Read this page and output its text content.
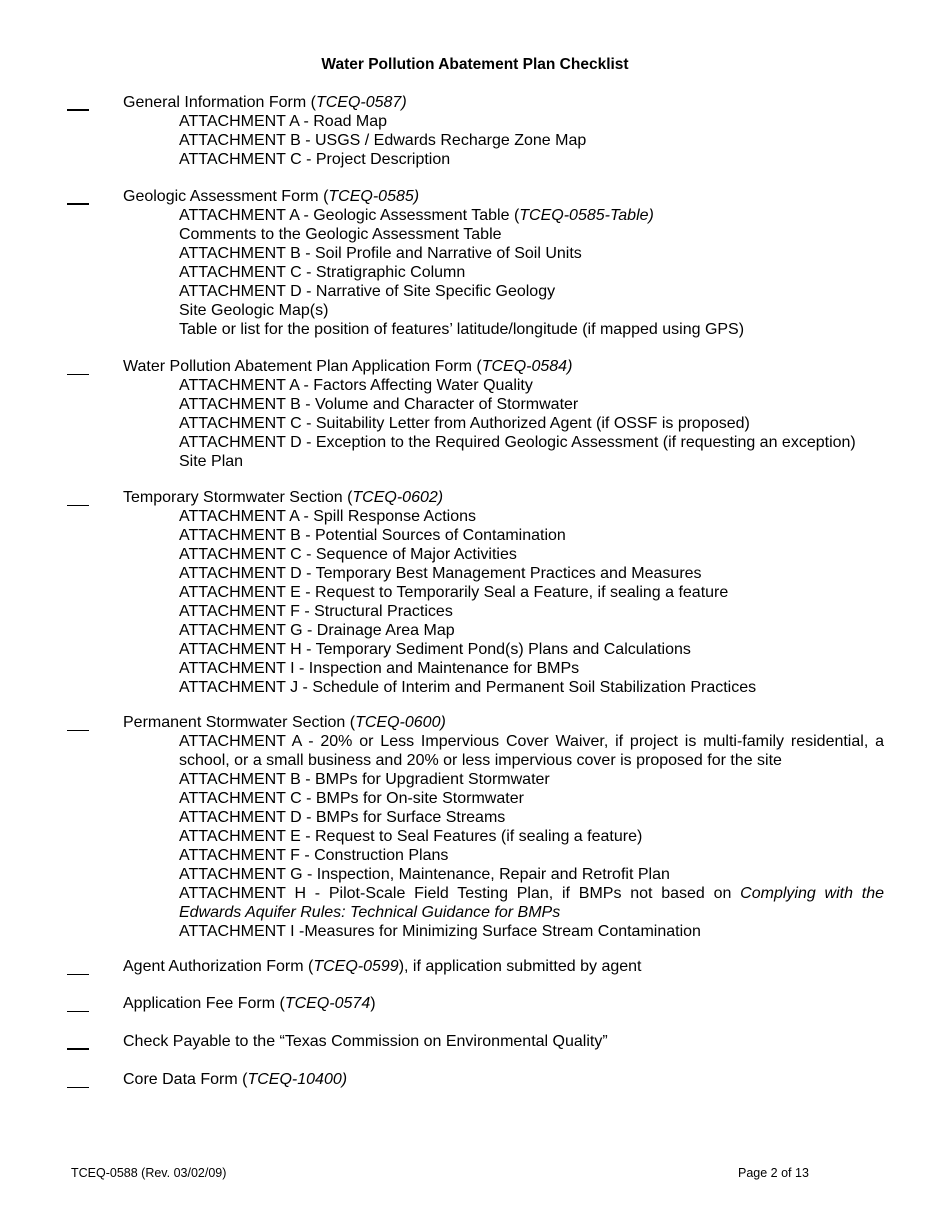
Water Pollution Abatement Plan Checklist
General Information Form (TCEQ-0587)
ATTACHMENT A - Road Map
ATTACHMENT B - USGS / Edwards Recharge Zone Map
ATTACHMENT C - Project Description
Geologic Assessment Form (TCEQ-0585)
ATTACHMENT A - Geologic Assessment Table (TCEQ-0585-Table)
Comments to the Geologic Assessment Table
ATTACHMENT B - Soil Profile and Narrative of Soil Units
ATTACHMENT C - Stratigraphic Column
ATTACHMENT D - Narrative of Site Specific Geology
Site Geologic Map(s)
Table or list for the position of features’ latitude/longitude (if mapped using GPS)
Water Pollution Abatement Plan Application Form (TCEQ-0584)
ATTACHMENT A - Factors Affecting Water Quality
ATTACHMENT B - Volume and Character of Stormwater
ATTACHMENT C - Suitability Letter from Authorized Agent (if OSSF is proposed)
ATTACHMENT D - Exception to the Required Geologic Assessment (if requesting an exception)
Site Plan
Temporary Stormwater Section (TCEQ-0602)
ATTACHMENT A - Spill Response Actions
ATTACHMENT B - Potential Sources of Contamination
ATTACHMENT C - Sequence of Major Activities
ATTACHMENT D - Temporary Best Management Practices and Measures
ATTACHMENT E - Request to Temporarily Seal a Feature, if sealing a feature
ATTACHMENT F - Structural Practices
ATTACHMENT G - Drainage Area Map
ATTACHMENT H - Temporary Sediment Pond(s) Plans and Calculations
ATTACHMENT I - Inspection and Maintenance for BMPs
ATTACHMENT J - Schedule of Interim and Permanent Soil Stabilization Practices
Permanent Stormwater Section (TCEQ-0600)
ATTACHMENT A - 20% or Less Impervious Cover Waiver, if project is multi-family residential, a school, or a small business and 20% or less impervious cover is proposed for the site
ATTACHMENT B - BMPs for Upgradient Stormwater
ATTACHMENT C - BMPs for On-site Stormwater
ATTACHMENT D - BMPs for Surface Streams
ATTACHMENT E - Request to Seal Features (if sealing a feature)
ATTACHMENT F - Construction Plans
ATTACHMENT G - Inspection, Maintenance, Repair and Retrofit Plan
ATTACHMENT H - Pilot-Scale Field Testing Plan, if BMPs not based on Complying with the Edwards Aquifer Rules: Technical Guidance for BMPs
ATTACHMENT I -Measures for Minimizing Surface Stream Contamination
Agent Authorization Form (TCEQ-0599), if application submitted by agent
Application Fee Form (TCEQ-0574)
Check Payable to the “Texas Commission on Environmental Quality”
Core Data Form (TCEQ-10400)
TCEQ-0588 (Rev. 03/02/09)	Page 2 of 13
